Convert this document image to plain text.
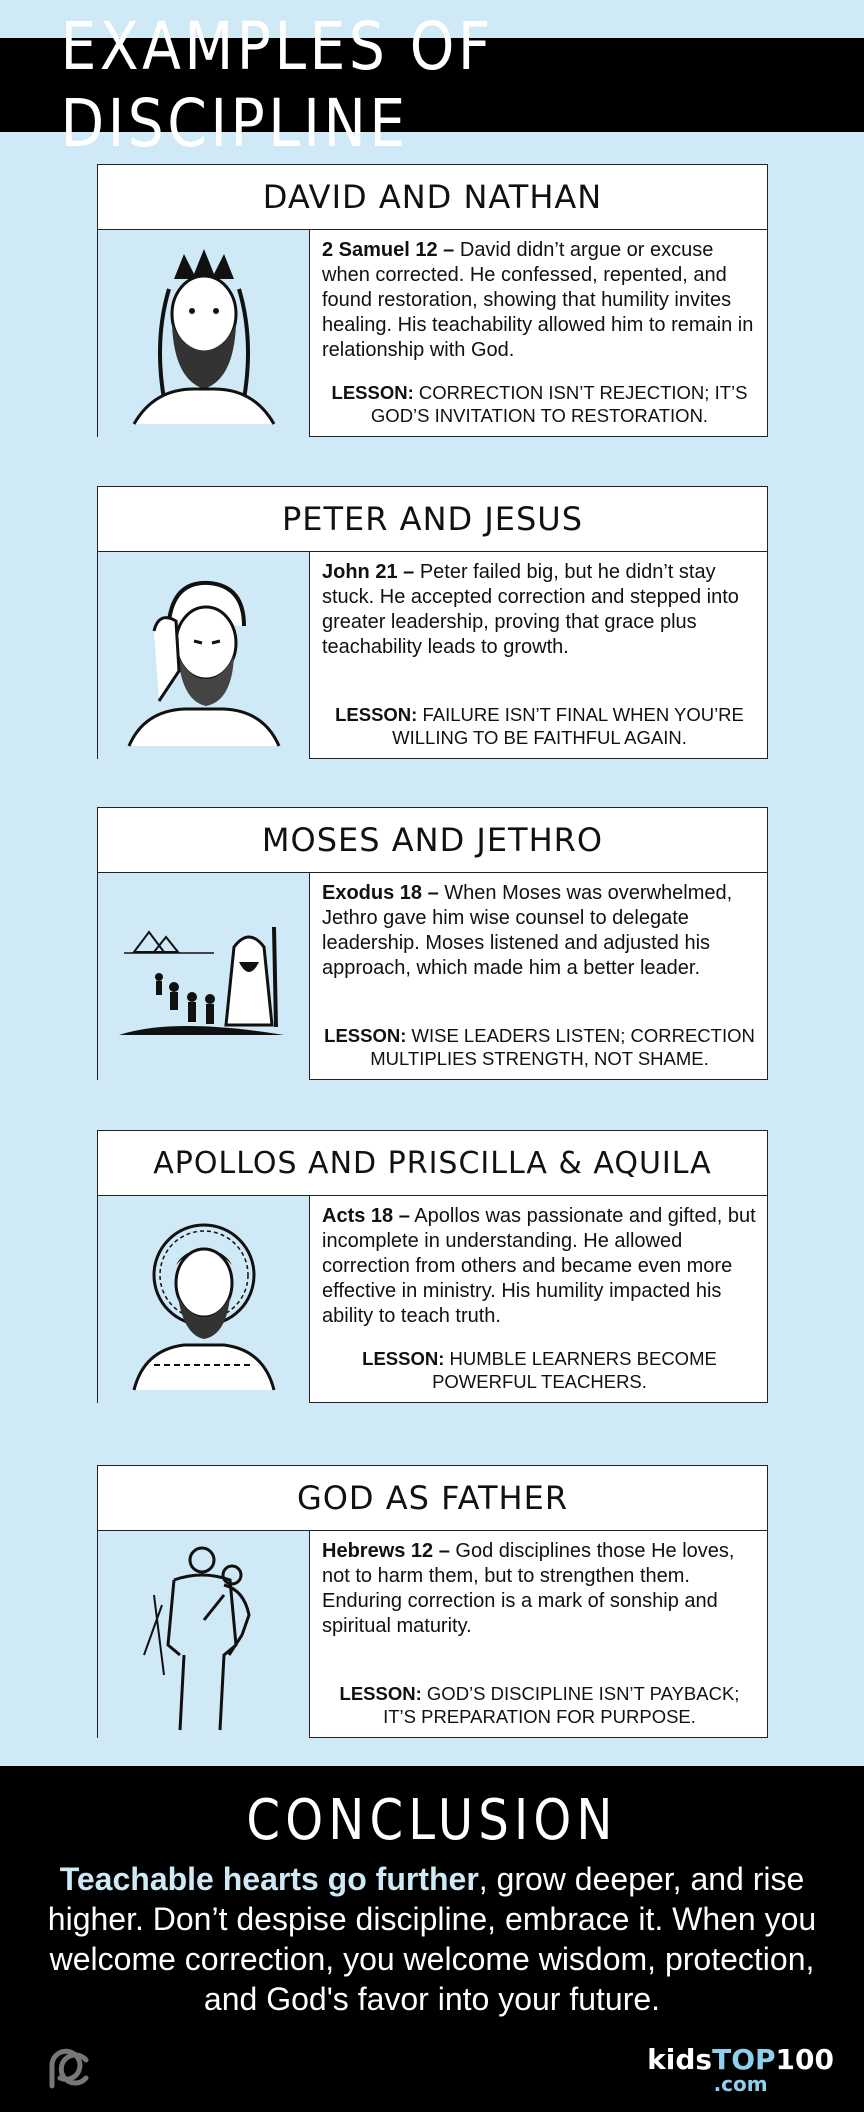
EXAMPLES OF DISCIPLINE
DAVID AND NATHAN

2 Samuel 12 – David didn’t argue or excuse when corrected. He confessed, repented, and found restoration, showing that humility invites healing. His teachability allowed him to remain in relationship with God.

LESSON: CORRECTION ISN’T REJECTION; IT’S GOD’S INVITATION TO RESTORATION.

PETER AND JESUS

John 21 – Peter failed big, but he didn’t stay stuck. He accepted correction and stepped into greater leadership, proving that grace plus teachability leads to growth.

LESSON: FAILURE ISN’T FINAL WHEN YOU’RE WILLING TO BE FAITHFUL AGAIN.

MOSES AND JETHRO

Exodus 18 – When Moses was overwhelmed, Jethro gave him wise counsel to delegate leadership. Moses listened and adjusted his approach, which made him a better leader.

LESSON: WISE LEADERS LISTEN; CORRECTION MULTIPLIES STRENGTH, NOT SHAME.

APOLLOS AND PRISCILLA & AQUILA

Acts 18 – Apollos was passionate and gifted, but incomplete in understanding. He allowed correction from others and became even more effective in ministry. His humility impacted his ability to teach truth.

LESSON: HUMBLE LEARNERS BECOME POWERFUL TEACHERS.

GOD AS FATHER

Hebrews 12 – God disciplines those He loves, not to harm them, but to strengthen them. Enduring correction is a mark of sonship and spiritual maturity.

LESSON: GOD’S DISCIPLINE ISN’T PAYBACK; IT’S PREPARATION FOR PURPOSE.

CONCLUSION

Teachable hearts go further, grow deeper, and rise higher. Don’t despise discipline, embrace it. When you welcome correction, you welcome wisdom, protection, and God's favor into your future.

kidsTOP100
.com
